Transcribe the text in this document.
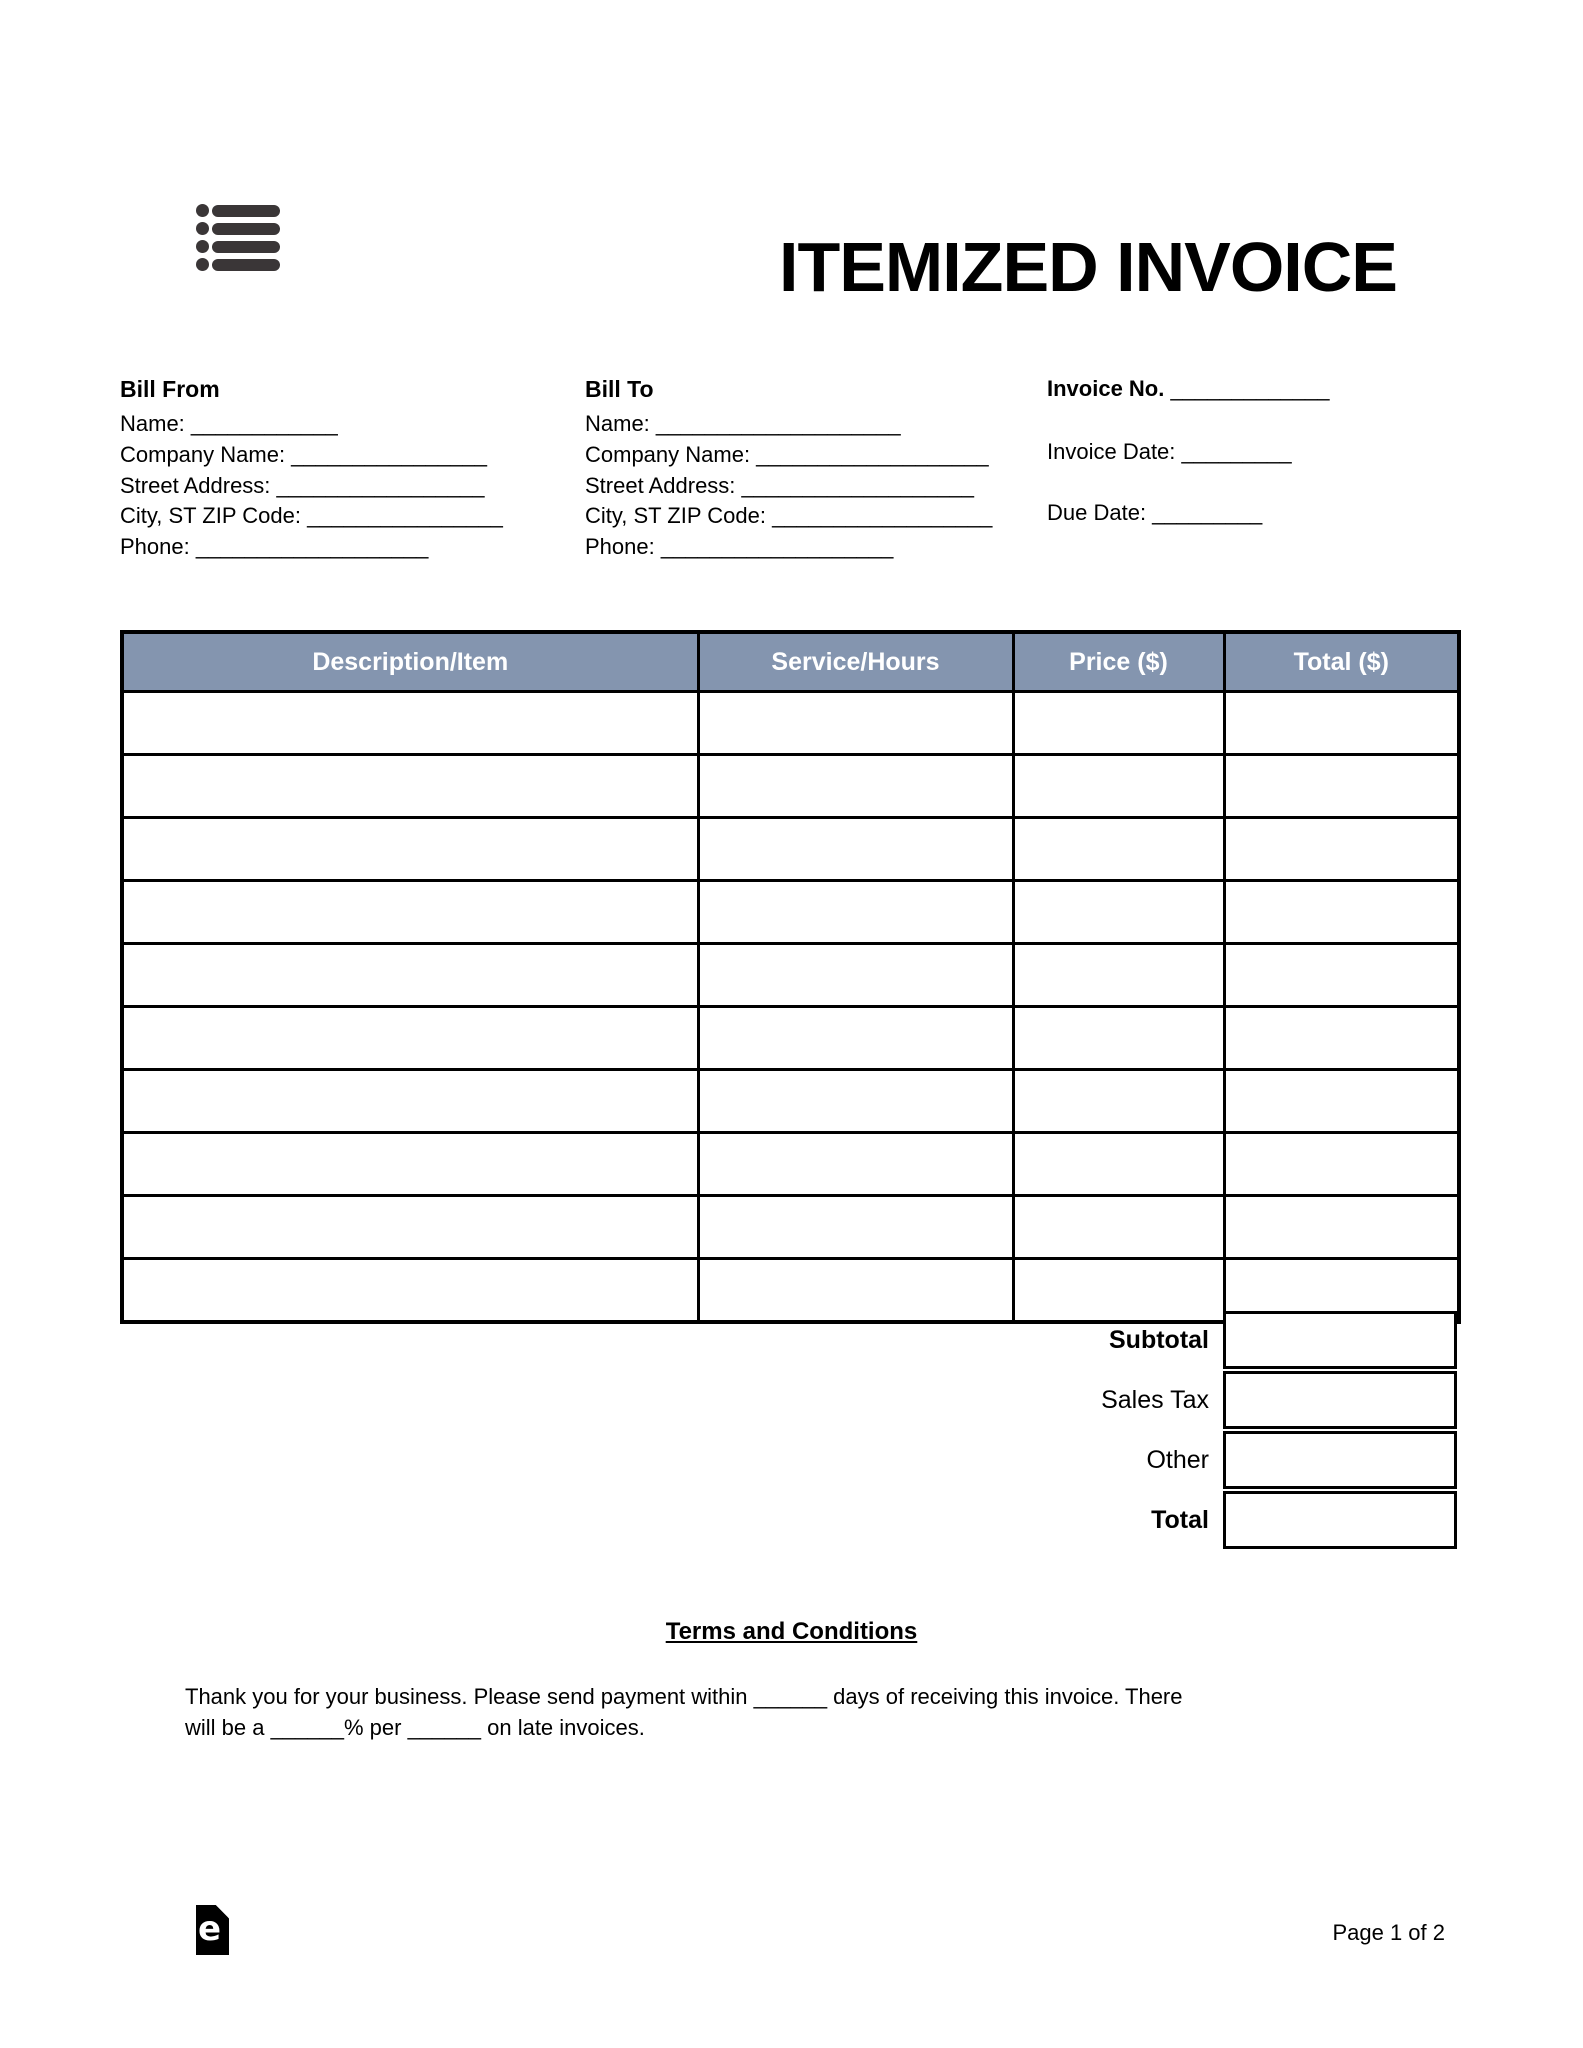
ITEMIZED INVOICE
Bill From
Name: ____________
Company Name: ________________
Street Address: _________________
City, ST ZIP Code: ________________
Phone: ___________________
Bill To
Name: ____________________
Company Name: ___________________
Street Address: ___________________
City, ST ZIP Code: __________________
Phone: ___________________
Invoice No. _____________
Invoice Date: _________
Due Date: _________
Description/Item	Service/Hours	Price ($)	Total ($)

Subtotal
Sales Tax
Other
Total
Terms and Conditions
Thank you for your business. Please send payment within ______ days of receiving this invoice. There
will be a ______% per ______ on late invoices.
e	Page 1 of 2
